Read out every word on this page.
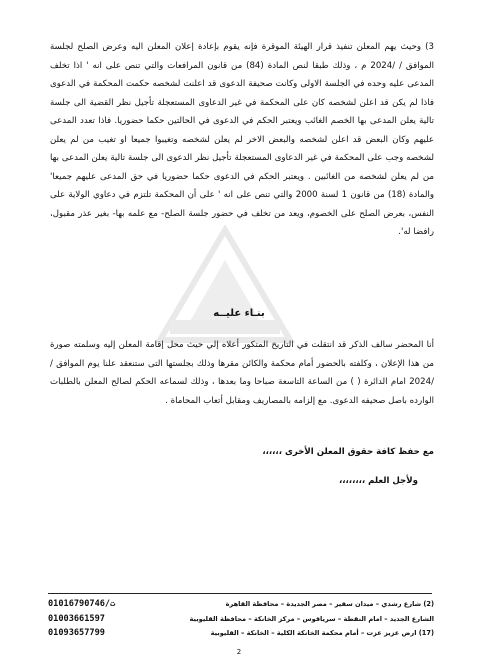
3) وحيث يهم المعلن تنفيذ قرار الهيئة الموقرة فإنه يقوم بإعادة إعلان المعلن اليه وعرض الصلح لجلسة الموافق / /2024 م ، وذلك طبقا لنص المادة (84) من قانون المرافعات والتي تنص على انه ' اذا تخلف المدعى عليه وحده في الجلسة الاولى وكانت صحيفة الدعوى قد اعلنت لشخصه حكمت المحكمة في الدعوى فاذا لم يكن قد اعلن لشخصه كان على المحكمة في غير الدعاوى المستعجلة تأجيل نظر القضية الى جلسة تالية يعلن المدعى بها الخصم الغائب ويعتبر الحكم في الدعوى في الحالتين حكما حضوريا. فاذا تعدد المدعى عليهم وكان البعض قد اعلن لشخصه والبعض الاخر لم يعلن لشخصه وتغيبوا جميعا او تغيب من لم يعلن لشخصه وجب على المحكمة في غير الدعاوى المستعجلة تأجيل نظر الدعوى الى جلسة تالية يعلن المدعى بها من لم يعلن لشخصه من الغائبين . ويعتبر الحكم في الدعوى حكما حضوريا في حق المدعى عليهم جميعا' والمادة (18) من قانون 1 لسنة 2000 والتي تنص على انه ' على أن المحكمة تلتزم في دعاوي الولاية على النفس، بعرض الصلح على الخصوم، ويعد من تخلف في حضور جلسة الصلح- مع علمه بها- بغير عذر مقبول، رافضا له'.
بنـاء عليــه
أنا المحضر سالف الذكر قد انتقلت في التاريخ المتكور أعلاه إلي حيث محل إقامة المعلن إليه وسلمته صورة من هذا الإعلان ، وكلفته بالحضور أمام محكمة والكائن مقرها وذلك بجلستها التى ستنعقد علنا يوم الموافق / /2024 امام الدائرة ( ) من الساعة التاسعة صباحا وما بعدها ، وذلك لسماعه الحكم لصالح المعلن بالطلبات الوارده باصل صحيفه الدعوى. مع إلزامه بالمصاريف ومقابل أتعاب المحاماة .
مع حفظ كافة حقوق المعلن الأخرى ،،،،،،
ولأجل العلم ،،،،،،،،
(2) شارع رشدي – ميدان سفير – مصر الجديدة – محافظة القاهرة
الشارع الجديد – امام النقطة – سرياقوس – مركز الخانكة – محافظة القليوبية
(17) ارض عزيز عزت – أمام محكمة الخانكة الكلية – الخانكة – القليوبية
ت/01016790746
01003661597
01093657799
2
